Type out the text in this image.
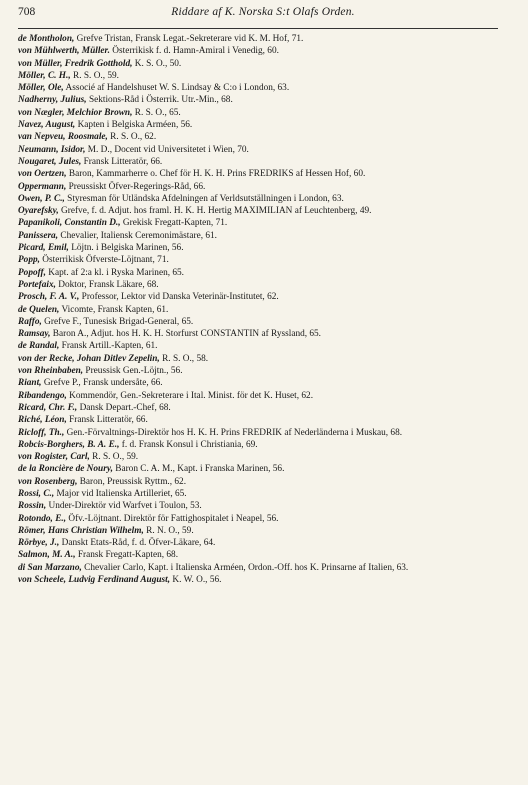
708	Riddare af K. Norska S:t Olafs Orden.

de Montholon, Grefve Tristan, Fransk Legat.-Sekreterare vid K. M. Hof, 71.

von Mühlwerth, Müller. Österrikisk f. d. Hamn-Amiral i Venedig, 60.

von Müller, Fredrik Gotthold, K. S. O., 50.

Möller, C. H., R. S. O., 59.

Möller, Ole, Associé af Handelshuset W. S. Lindsay & C:o i London, 63.

Nadherny, Julius, Sektions-Råd i Österrik. Utr.-Min., 68.

von Nægler, Melchior Brown, R. S. O., 65.

Navez, August, Kapten i Belgiska Arméen, 56.

van Nepveu, Roosmale, R. S. O., 62.

Neumann, Isidor, M. D., Docent vid Universitetet i Wien, 70.

Nougaret, Jules, Fransk Litteratör, 66.

von Oertzen, Baron, Kammarherre o. Chef för H. K. H. Prins FREDRIKS af Hessen Hof, 60.

Oppermann, Preussiskt Öfver-Regerings-Råd, 66.

Owen, P. C., Styresman för Utländska Afdelningen af Verldsutställningen i London, 63.

Oyarefsky, Grefve, f. d. Adjut. hos framl. H. K. H. Hertig MAXIMILIAN af Leuchtenberg, 49.

Papanikoli, Constantin D., Grekisk Fregatt-Kapten, 71.

Panissera, Chevalier, Italiensk Ceremonimästare, 61.

Picard, Emil, Löjtn. i Belgiska Marinen, 56.

Popp, Österrikisk Öfverste-Löjtnant, 71.

Popoff, Kapt. af 2:a kl. i Ryska Marinen, 65.

Portefaix, Doktor, Fransk Läkare, 68.

Prosch, F. A. V., Professor, Lektor vid Danska Veterinär-Institutet, 62.

de Quelen, Vicomte, Fransk Kapten, 61.

Raffo, Grefve F., Tunesisk Brigad-General, 65.

Ramsay, Baron A., Adjut. hos H. K. H. Storfurst CONSTANTIN af Ryssland, 65.

de Randal, Fransk Artill.-Kapten, 61.

von der Recke, Johan Ditlev Zepelin, R. S. O., 58.

von Rheinbaben, Preussisk Gen.-Löjtn., 56.

Riant, Grefve P., Fransk undersåte, 66.

Ribandengo, Kommendör, Gen.-Sekreterare i Ital. Minist. för det K. Huset, 62.

Ricard, Chr. F., Dansk Depart.-Chef, 68.

Riché, Léon, Fransk Litteratör, 66.

Ricloff, Th., Gen.-Förvaltnings-Direktör hos H. K. H. Prins FREDRIK af Nederländerna i Muskau, 68.

Robcis-Borghers, B. A. E., f. d. Fransk Konsul i Christiania, 69.

von Rogister, Carl, R. S. O., 59.

de la Roncière de Noury, Baron C. A. M., Kapt. i Franska Marinen, 56.

von Rosenberg, Baron, Preussisk Ryttm., 62.

Rossi, C., Major vid Italienska Artilleriet, 65.

Rossin, Under-Direktör vid Warfvet i Toulon, 53.

Rotondo, E., Öfv.-Löjtnant. Direktör för Fattighospitalet i Neapel, 56.

Römer, Hans Christian Wilhelm, R. N. O., 59.

Rörbye, J., Danskt Etats-Råd, f. d. Öfver-Läkare, 64.

Salmon, M. A., Fransk Fregatt-Kapten, 68.

di San Marzano, Chevalier Carlo, Kapt. i Italienska Arméen, Ordon.-Off. hos K. Prinsarne af Italien, 63.

von Scheele, Ludvig Ferdinand August, K. W. O., 56.
